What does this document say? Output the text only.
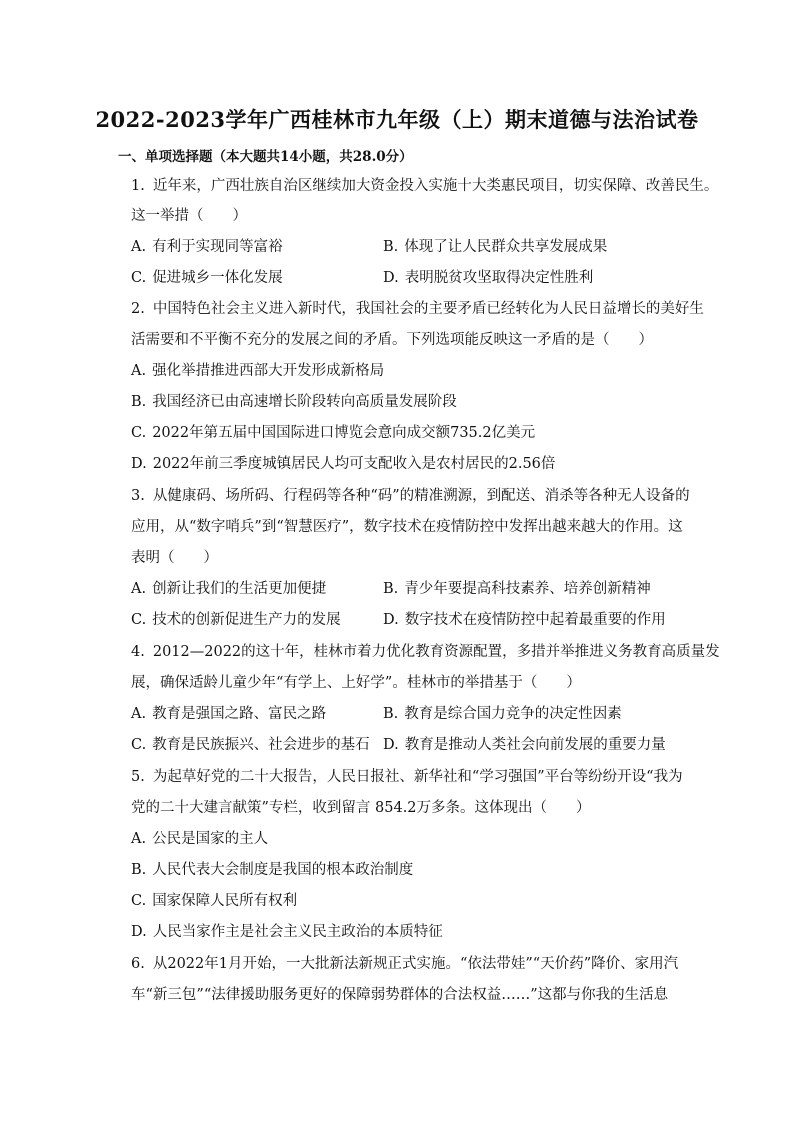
2022-2023学年广西桂林市九年级（上）期末道德与法治试卷
一、单项选择题（本大题共14小题，共28.0分）
1. 近年来，广西壮族自治区继续加大资金投入实施十大类惠民项目，切实保障、改善民生。
这一举措（　　）
A. 有利于实现同等富裕	B. 体现了让人民群众共享发展成果
C. 促进城乡一体化发展	D. 表明脱贫攻坚取得决定性胜利
2. 中国特色社会主义进入新时代，我国社会的主要矛盾已经转化为人民日益增长的美好生
活需要和不平衡不充分的发展之间的矛盾。下列选项能反映这一矛盾的是（　　）
A. 强化举措推进西部大开发形成新格局
B. 我国经济已由高速增长阶段转向高质量发展阶段
C. 2022年第五届中国国际进口博览会意向成交额735.2亿美元
D. 2022年前三季度城镇居民人均可支配收入是农村居民的2.56倍
3. 从健康码、场所码、行程码等各种“码”的精准溯源，到配送、消杀等各种无人设备的
应用，从“数字哨兵”到“智慧医疗”，数字技术在疫情防控中发挥出越来越大的作用。这
表明（　　）
A. 创新让我们的生活更加便捷	B. 青少年要提高科技素养、培养创新精神
C. 技术的创新促进生产力的发展	D. 数字技术在疫情防控中起着最重要的作用
4. 2012—2022的这十年，桂林市着力优化教育资源配置，多措并举推进义务教育高质量发
展，确保适龄儿童少年“有学上、上好学”。桂林市的举措基于（　　）
A. 教育是强国之路、富民之路	B. 教育是综合国力竞争的决定性因素
C. 教育是民族振兴、社会进步的基石 D. 教育是推动人类社会向前发展的重要力量
5. 为起草好党的二十大报告，人民日报社、新华社和“学习强国”平台等纷纷开设“我为
党的二十大建言献策”专栏，收到留言 854.2万多条。这体现出（　　）
A. 公民是国家的主人
B. 人民代表大会制度是我国的根本政治制度
C. 国家保障人民所有权利
D. 人民当家作主是社会主义民主政治的本质特征
6. 从2022年1月开始，一大批新法新规正式实施。“依法带娃”“天价药”降价、家用汽
车“新三包”“法律援助服务更好的保障弱势群体的合法权益……”这都与你我的生活息
